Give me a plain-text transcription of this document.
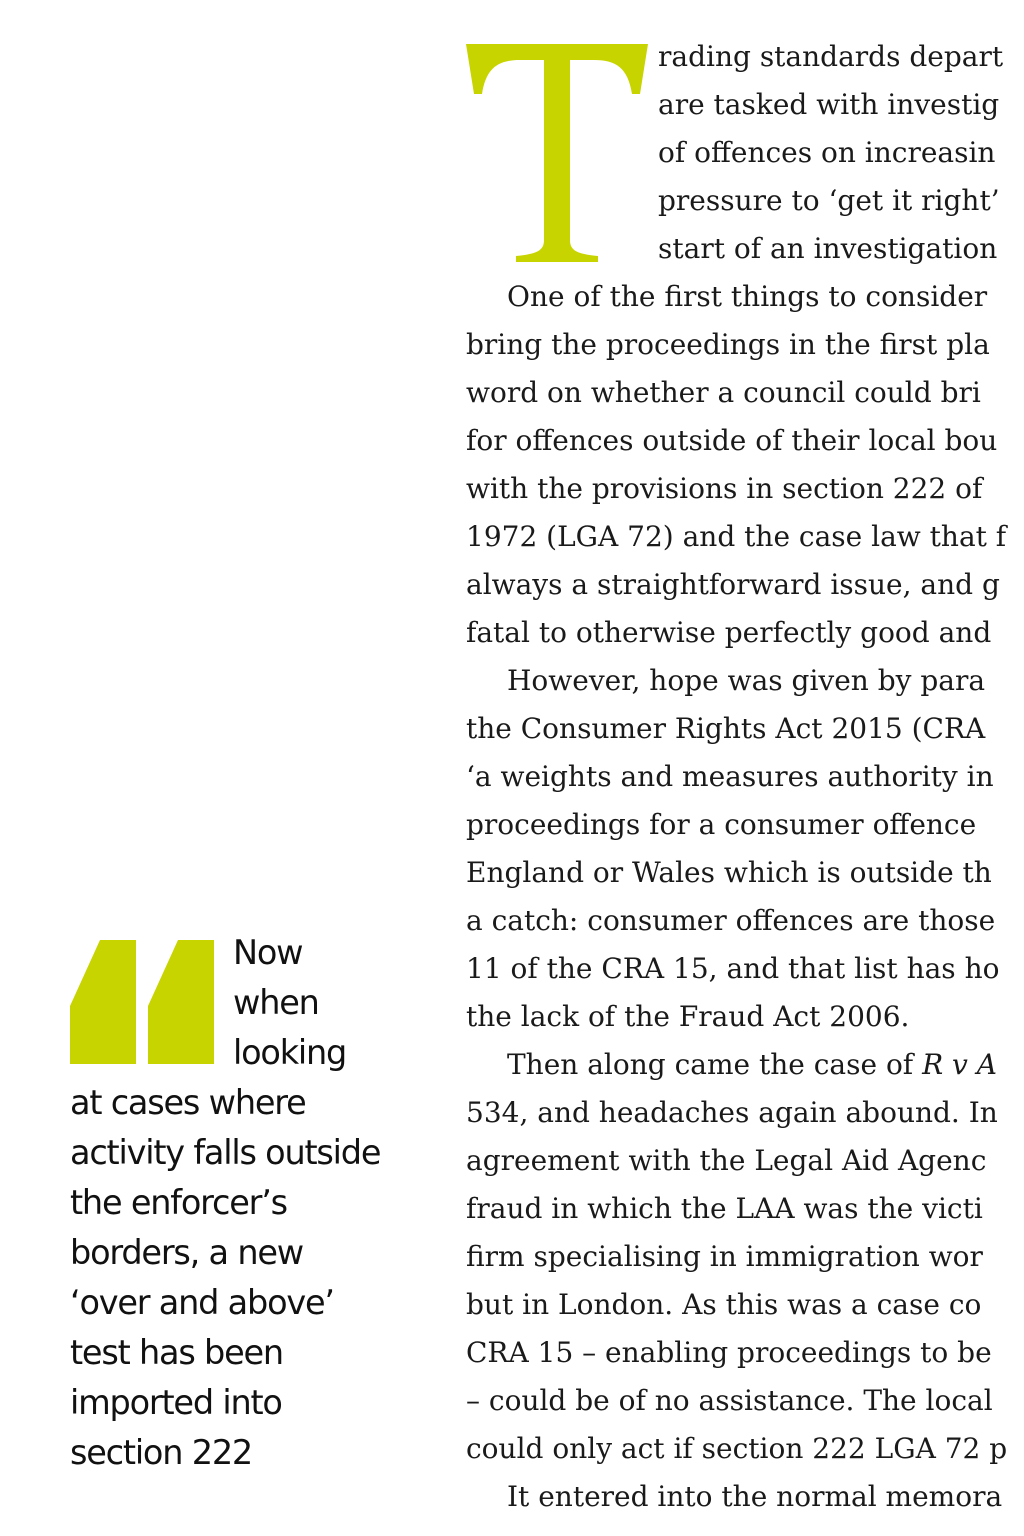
Now
when
looking
at cases where
activity falls outside
the enforcer’s
borders, a new
‘over and above’
test has been
imported into
section 222
rading standards depart
are tasked with investig
of offences on increasin
pressure to ‘get it right’
start of an investigation
One of the first things to consider
bring the proceedings in the first pla
word on whether a council could bri
for offences outside of their local bou
with the provisions in section 222 of
1972 (LGA 72) and the case law that f
always a straightforward issue, and g
fatal to otherwise perfectly good and
However, hope was given by para
the Consumer Rights Act 2015 (CRA
‘a weights and measures authority in
proceedings for a consumer offence
England or Wales which is outside th
a catch: consumer offences are those
11 of the CRA 15, and that list has ho
the lack of the Fraud Act 2006.
Then along came the case of R v A
534, and headaches again abound. In
agreement with the Legal Aid Agenc
fraud in which the LAA was the victi
firm specialising in immigration wor
but in London. As this was a case co
CRA 15 – enabling proceedings to be
– could be of no assistance. The local
could only act if section 222 LGA 72 p
It entered into the normal memora
